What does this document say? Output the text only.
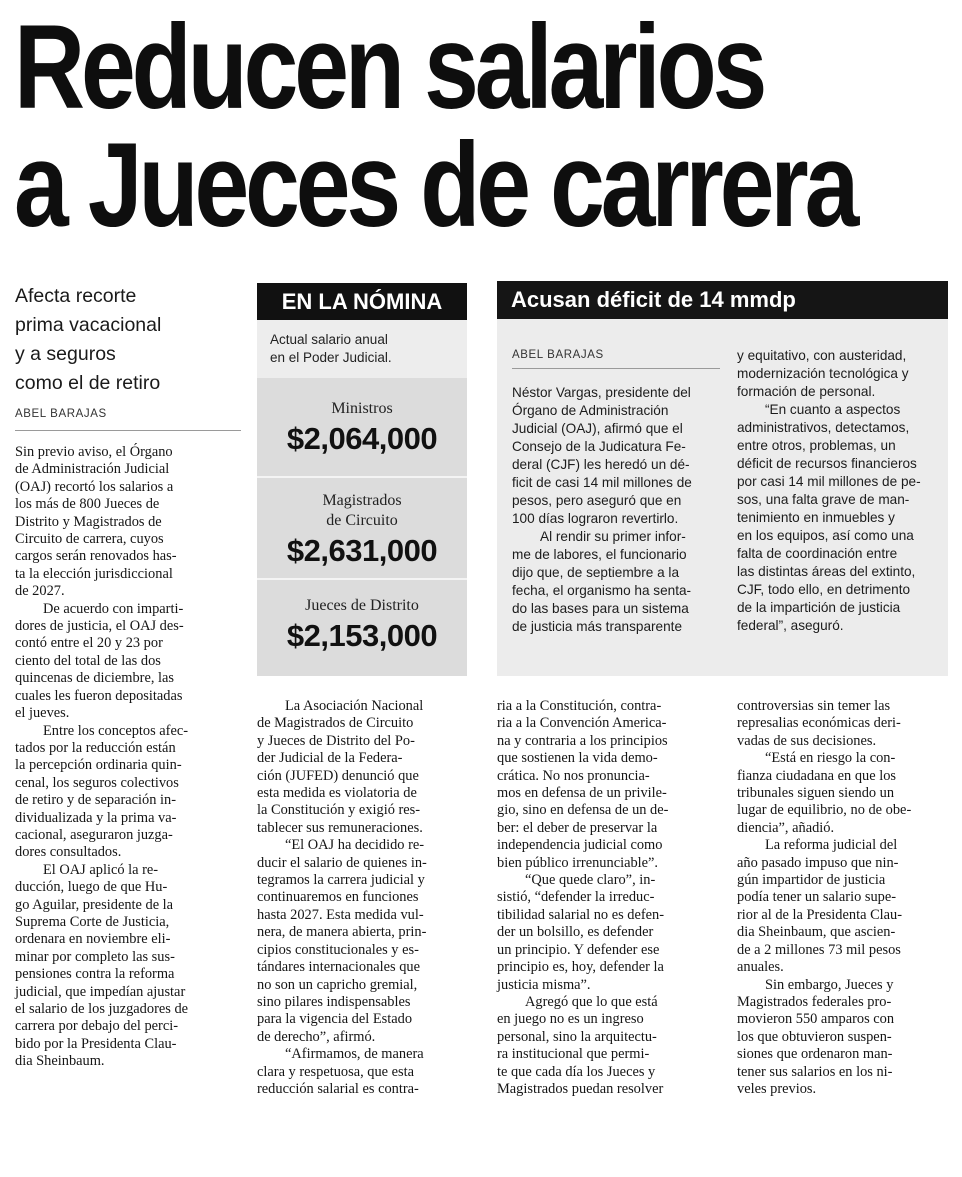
Reducen salarios
a Jueces de carrera
Afecta recorte
prima vacacional
y a seguros
como el de retiro
ABEL BARAJAS
EN LA NÓMINA
Actual salario anual
en el Poder Judicial.
Ministros
$2,064,000
Magistrados
de Circuito
$2,631,000
Jueces de Distrito
$2,153,000
Acusan déficit de 14 mmdp
ABEL BARAJAS
Néstor Vargas, presidente del
Órgano de Administración
Judicial (OAJ), afirmó que el
Consejo de la Judicatura Fe-
deral (CJF) les heredó un dé-
ficit de casi 14 mil millones de
pesos, pero aseguró que en
100 días lograron revertirlo.
Al rendir su primer infor-
me de labores, el funcionario
dijo que, de septiembre a la
fecha, el organismo ha senta-
do las bases para un sistema
de justicia más transparente
y equitativo, con austeridad,
modernización tecnológica y
formación de personal.
“En cuanto a aspectos
administrativos, detectamos,
entre otros, problemas, un
déficit de recursos financieros
por casi 14 mil millones de pe-
sos, una falta grave de man-
tenimiento en inmuebles y
en los equipos, así como una
falta de coordinación entre
las distintas áreas del extinto,
CJF, todo ello, en detrimento
de la impartición de justicia
federal”, aseguró.
Sin previo aviso, el Órgano
de Administración Judicial
(OAJ) recortó los salarios a
los más de 800 Jueces de
Distrito y Magistrados de
Circuito de carrera, cuyos
cargos serán renovados has-
ta la elección jurisdiccional
de 2027.
De acuerdo con imparti-
dores de justicia, el OAJ des-
contó entre el 20 y 23 por
ciento del total de las dos
quincenas de diciembre, las
cuales les fueron depositadas
el jueves.
Entre los conceptos afec-
tados por la reducción están
la percepción ordinaria quin-
cenal, los seguros colectivos
de retiro y de separación in-
dividualizada y la prima va-
cacional, aseguraron juzga-
dores consultados.
El OAJ aplicó la re-
ducción, luego de que Hu-
go Aguilar, presidente de la
Suprema Corte de Justicia,
ordenara en noviembre eli-
minar por completo las sus-
pensiones contra la reforma
judicial, que impedían ajustar
el salario de los juzgadores de
carrera por debajo del perci-
bido por la Presidenta Clau-
dia Sheinbaum.
La Asociación Nacional
de Magistrados de Circuito
y Jueces de Distrito del Po-
der Judicial de la Federa-
ción (JUFED) denunció que
esta medida es violatoria de
la Constitución y exigió res-
tablecer sus remuneraciones.
“El OAJ ha decidido re-
ducir el salario de quienes in-
tegramos la carrera judicial y
continuaremos en funciones
hasta 2027. Esta medida vul-
nera, de manera abierta, prin-
cipios constitucionales y es-
tándares internacionales que
no son un capricho gremial,
sino pilares indispensables
para la vigencia del Estado
de derecho”, afirmó.
“Afirmamos, de manera
clara y respetuosa, que esta
reducción salarial es contra-
ria a la Constitución, contra-
ria a la Convención America-
na y contraria a los principios
que sostienen la vida demo-
crática. No nos pronuncia-
mos en defensa de un privile-
gio, sino en defensa de un de-
ber: el deber de preservar la
independencia judicial como
bien público irrenunciable”.
“Que quede claro”, in-
sistió, “defender la irreduc-
tibilidad salarial no es defen-
der un bolsillo, es defender
un principio. Y defender ese
principio es, hoy, defender la
justicia misma”.
Agregó que lo que está
en juego no es un ingreso
personal, sino la arquitectu-
ra institucional que permi-
te que cada día los Jueces y
Magistrados puedan resolver
controversias sin temer las
represalias económicas deri-
vadas de sus decisiones.
“Está en riesgo la con-
fianza ciudadana en que los
tribunales siguen siendo un
lugar de equilibrio, no de obe-
diencia”, añadió.
La reforma judicial del
año pasado impuso que nin-
gún impartidor de justicia
podía tener un salario supe-
rior al de la Presidenta Clau-
dia Sheinbaum, que ascien-
de a 2 millones 73 mil pesos
anuales.
Sin embargo, Jueces y
Magistrados federales pro-
movieron 550 amparos con
los que obtuvieron suspen-
siones que ordenaron man-
tener sus salarios en los ni-
veles previos.
